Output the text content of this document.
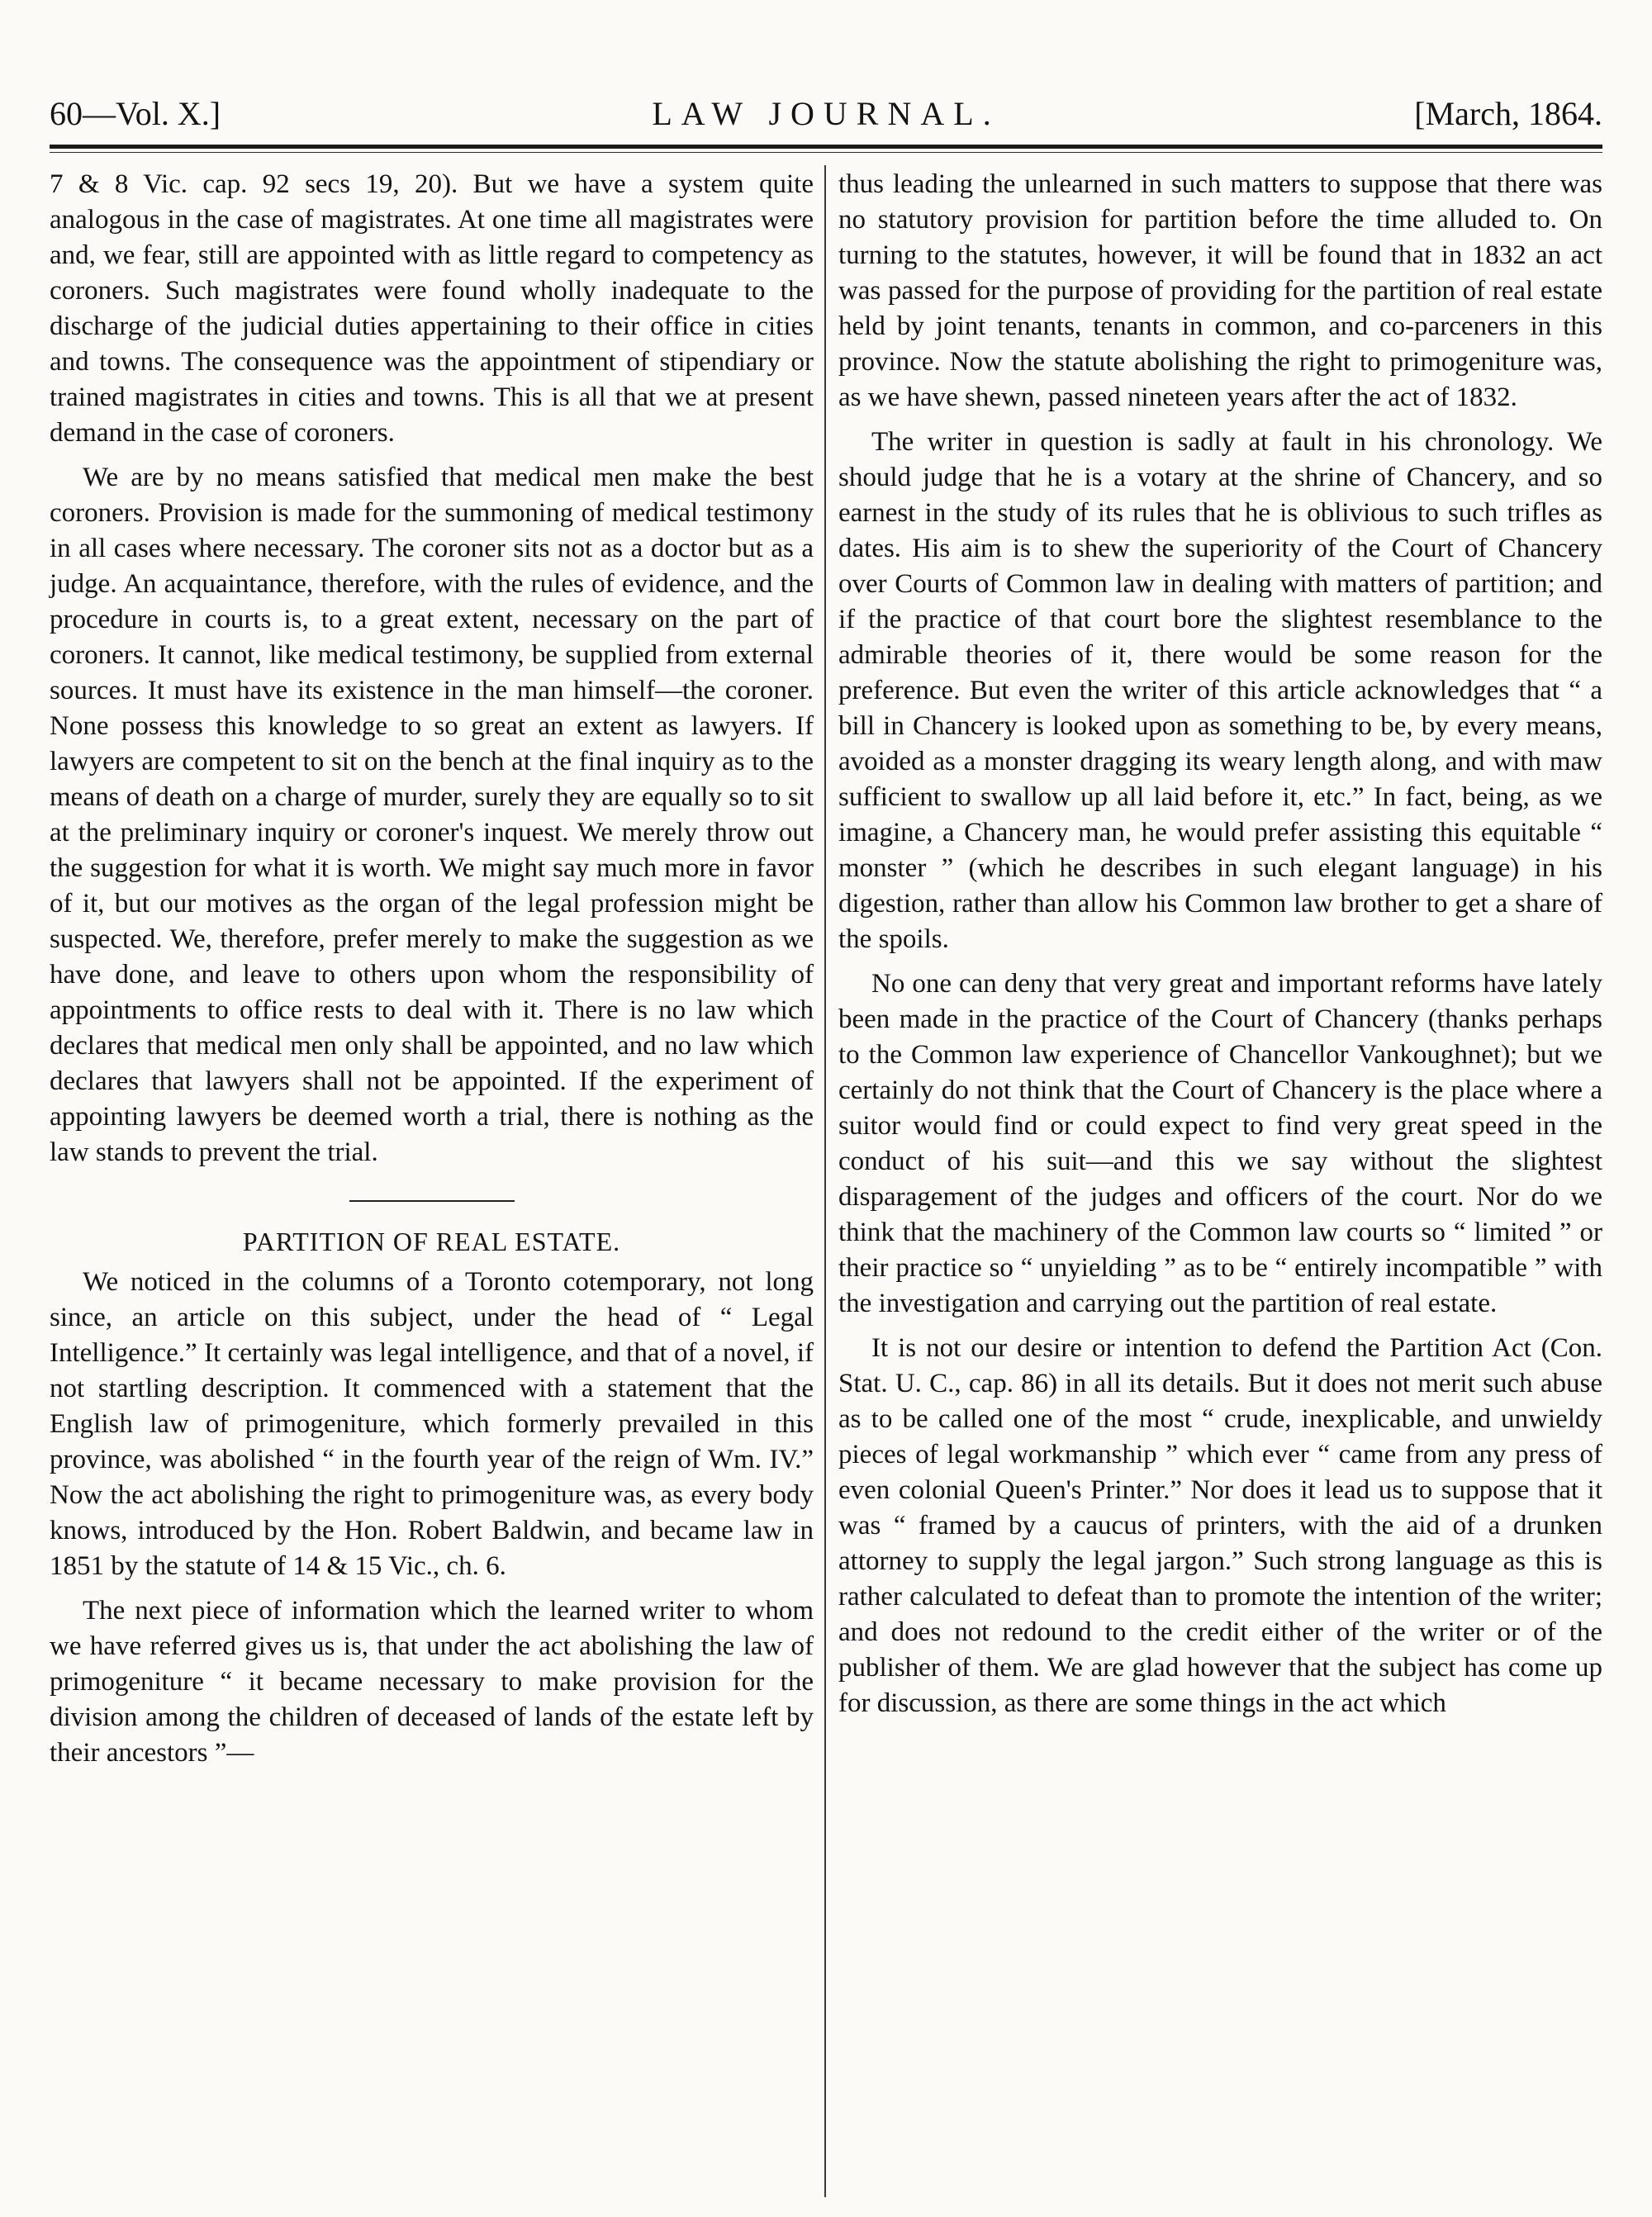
60—Vol. X.]	LAW JOURNAL.	[March, 1864.

7 & 8 Vic. cap. 92 secs 19, 20). But we have a system quite analogous in the case of magistrates. At one time all magistrates were and, we fear, still are appointed with as little regard to competency as coroners. Such magistrates were found wholly inadequate to the discharge of the judicial duties appertaining to their office in cities and towns. The consequence was the appointment of stipendiary or trained magistrates in cities and towns. This is all that we at present demand in the case of coroners.

We are by no means satisfied that medical men make the best coroners. Provision is made for the summoning of medical testimony in all cases where necessary. The coroner sits not as a doctor but as a judge. An acquaintance, therefore, with the rules of evidence, and the procedure in courts is, to a great extent, necessary on the part of coroners. It cannot, like medical testimony, be supplied from external sources. It must have its existence in the man himself—the coroner. None possess this knowledge to so great an extent as lawyers. If lawyers are competent to sit on the bench at the final inquiry as to the means of death on a charge of murder, surely they are equally so to sit at the preliminary inquiry or coroner's inquest. We merely throw out the suggestion for what it is worth. We might say much more in favor of it, but our motives as the organ of the legal profession might be suspected. We, therefore, prefer merely to make the suggestion as we have done, and leave to others upon whom the responsibility of appointments to office rests to deal with it. There is no law which declares that medical men only shall be appointed, and no law which declares that lawyers shall not be appointed. If the experiment of appointing lawyers be deemed worth a trial, there is nothing as the law stands to prevent the trial.

PARTITION OF REAL ESTATE.

We noticed in the columns of a Toronto cotemporary, not long since, an article on this subject, under the head of “ Legal Intelligence.” It certainly was legal intelligence, and that of a novel, if not startling description. It commenced with a statement that the English law of primogeniture, which formerly prevailed in this province, was abolished “ in the fourth year of the reign of Wm. IV.” Now the act abolishing the right to primogeniture was, as every body knows, introduced by the Hon. Robert Baldwin, and became law in 1851 by the statute of 14 & 15 Vic., ch. 6.

The next piece of information which the learned writer to whom we have referred gives us is, that under the act abolishing the law of primogeniture “ it became necessary to make provision for the division among the children of deceased of lands of the estate left by their ancestors ”—

thus leading the unlearned in such matters to suppose that there was no statutory provision for partition before the time alluded to. On turning to the statutes, however, it will be found that in 1832 an act was passed for the purpose of providing for the partition of real estate held by joint tenants, tenants in common, and co-parceners in this province. Now the statute abolishing the right to primogeniture was, as we have shewn, passed nineteen years after the act of 1832.

The writer in question is sadly at fault in his chronology. We should judge that he is a votary at the shrine of Chancery, and so earnest in the study of its rules that he is oblivious to such trifles as dates. His aim is to shew the superiority of the Court of Chancery over Courts of Common law in dealing with matters of partition; and if the practice of that court bore the slightest resemblance to the admirable theories of it, there would be some reason for the preference. But even the writer of this article acknowledges that “ a bill in Chancery is looked upon as something to be, by every means, avoided as a monster dragging its weary length along, and with maw sufficient to swallow up all laid before it, etc.” In fact, being, as we imagine, a Chancery man, he would prefer assisting this equitable “ monster ” (which he describes in such elegant language) in his digestion, rather than allow his Common law brother to get a share of the spoils.

No one can deny that very great and important reforms have lately been made in the practice of the Court of Chancery (thanks perhaps to the Common law experience of Chancellor Vankoughnet); but we certainly do not think that the Court of Chancery is the place where a suitor would find or could expect to find very great speed in the conduct of his suit—and this we say without the slightest disparagement of the judges and officers of the court. Nor do we think that the machinery of the Common law courts so “ limited ” or their practice so “ unyielding ” as to be “ entirely incompatible ” with the investigation and carrying out the partition of real estate.

It is not our desire or intention to defend the Partition Act (Con. Stat. U. C., cap. 86) in all its details. But it does not merit such abuse as to be called one of the most “ crude, inexplicable, and unwieldy pieces of legal workmanship ” which ever “ came from any press of even colonial Queen's Printer.” Nor does it lead us to suppose that it was “ framed by a caucus of printers, with the aid of a drunken attorney to supply the legal jargon.” Such strong language as this is rather calculated to defeat than to promote the intention of the writer; and does not redound to the credit either of the writer or of the publisher of them. We are glad however that the subject has come up for discussion, as there are some things in the act which
